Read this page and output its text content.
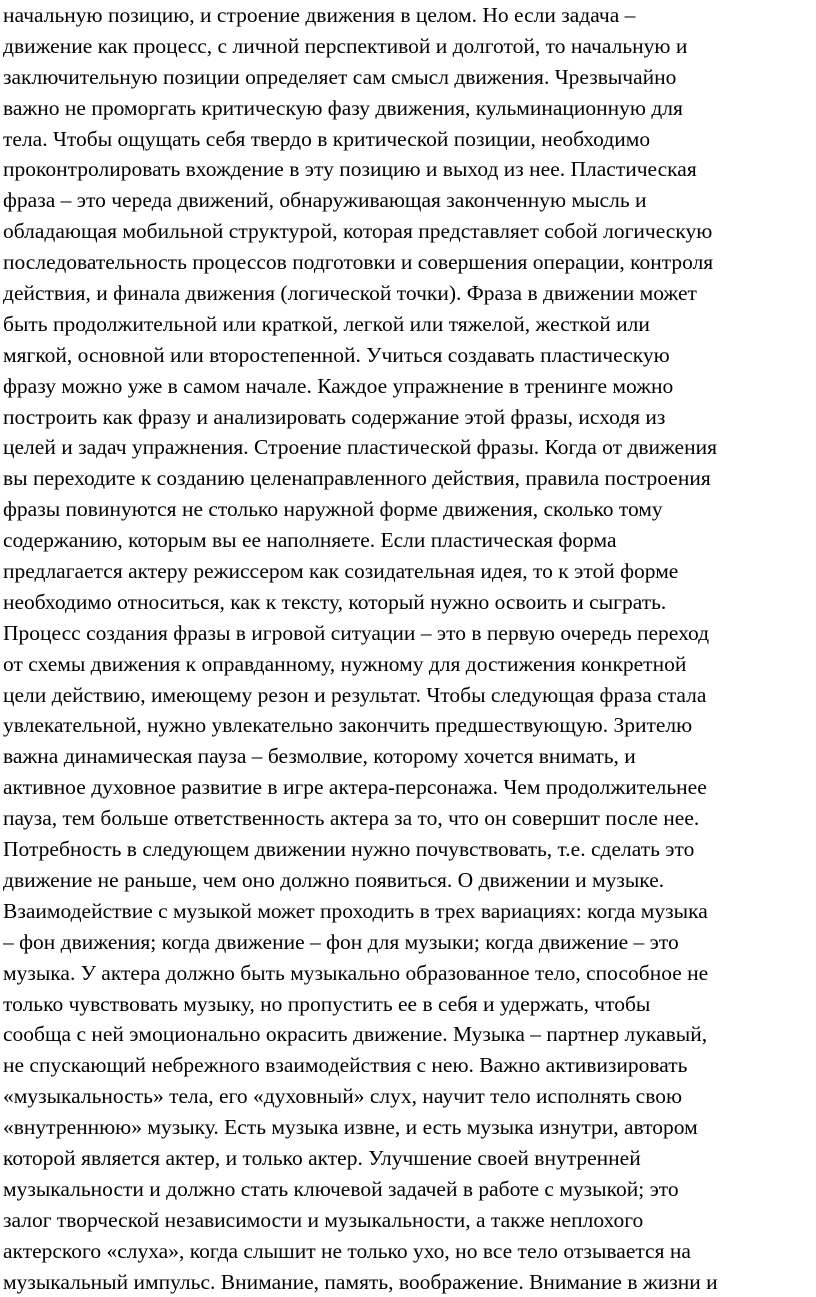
начальную позицию, и строение движения в целом. Но если задача –
движение как процесс, с личной перспективой и долготой, то начальную и
заключительную позиции определяет сам смысл движения. Чрезвычайно
важно не проморгать критическую фазу движения, кульминационную для
тела. Чтобы ощущать себя твердо в критической позиции, необходимо
проконтролировать вхождение в эту позицию и выход из нее. Пластическая
фраза – это череда движений, обнаруживающая законченную мысль и
обладающая мобильной структурой, которая представляет собой логическую
последовательность процессов подготовки и совершения операции, контроля
действия, и финала движения (логической точки). Фраза в движении может
быть продолжительной или краткой, легкой или тяжелой, жесткой или
мягкой, основной или второстепенной. Учиться создавать пластическую
фразу можно уже в самом начале. Каждое упражнение в тренинге можно
построить как фразу и анализировать содержание этой фразы, исходя из
целей и задач упражнения. Строение пластической фразы. Когда от движения
вы переходите к созданию целенаправленного действия, правила построения
фразы повинуются не столько наружной форме движения, сколько тому
содержанию, которым вы ее наполняете. Если пластическая форма
предлагается актеру режиссером как созидательная идея, то к этой форме
необходимо относиться, как к тексту, который нужно освоить и сыграть.
Процесс создания фразы в игровой ситуации – это в первую очередь переход
от схемы движения к оправданному, нужному для достижения конкретной
цели действию, имеющему резон и результат. Чтобы следующая фраза стала
увлекательной, нужно увлекательно закончить предшествующую. Зрителю
важна динамическая пауза – безмолвие, которому хочется внимать, и
активное духовное развитие в игре актера-персонажа. Чем продолжительнее
пауза, тем больше ответственность актера за то, что он совершит после нее.
Потребность в следующем движении нужно почувствовать, т.е. сделать это
движение не раньше, чем оно должно появиться. О движении и музыке.
Взаимодействие с музыкой может проходить в трех вариациях: когда музыка
– фон движения; когда движение – фон для музыки; когда движение – это
музыка. У актера должно быть музыкально образованное тело, способное не
только чувствовать музыку, но пропустить ее в себя и удержать, чтобы
сообща с ней эмоционально окрасить движение. Музыка – партнер лукавый,
не спускающий небрежного взаимодействия с нею. Важно активизировать
«музыкальность» тела, его «духовный» слух, научит тело исполнять свою
«внутреннюю» музыку. Есть музыка извне, и есть музыка изнутри, автором
которой является актер, и только актер. Улучшение своей внутренней
музыкальности и должно стать ключевой задачей в работе с музыкой; это
залог творческой независимости и музыкальности, а также неплохого
актерского «слуха», когда слышит не только ухо, но все тело отзывается на
музыкальный импульс. Внимание, память, воображение. Внимание в жизни и
